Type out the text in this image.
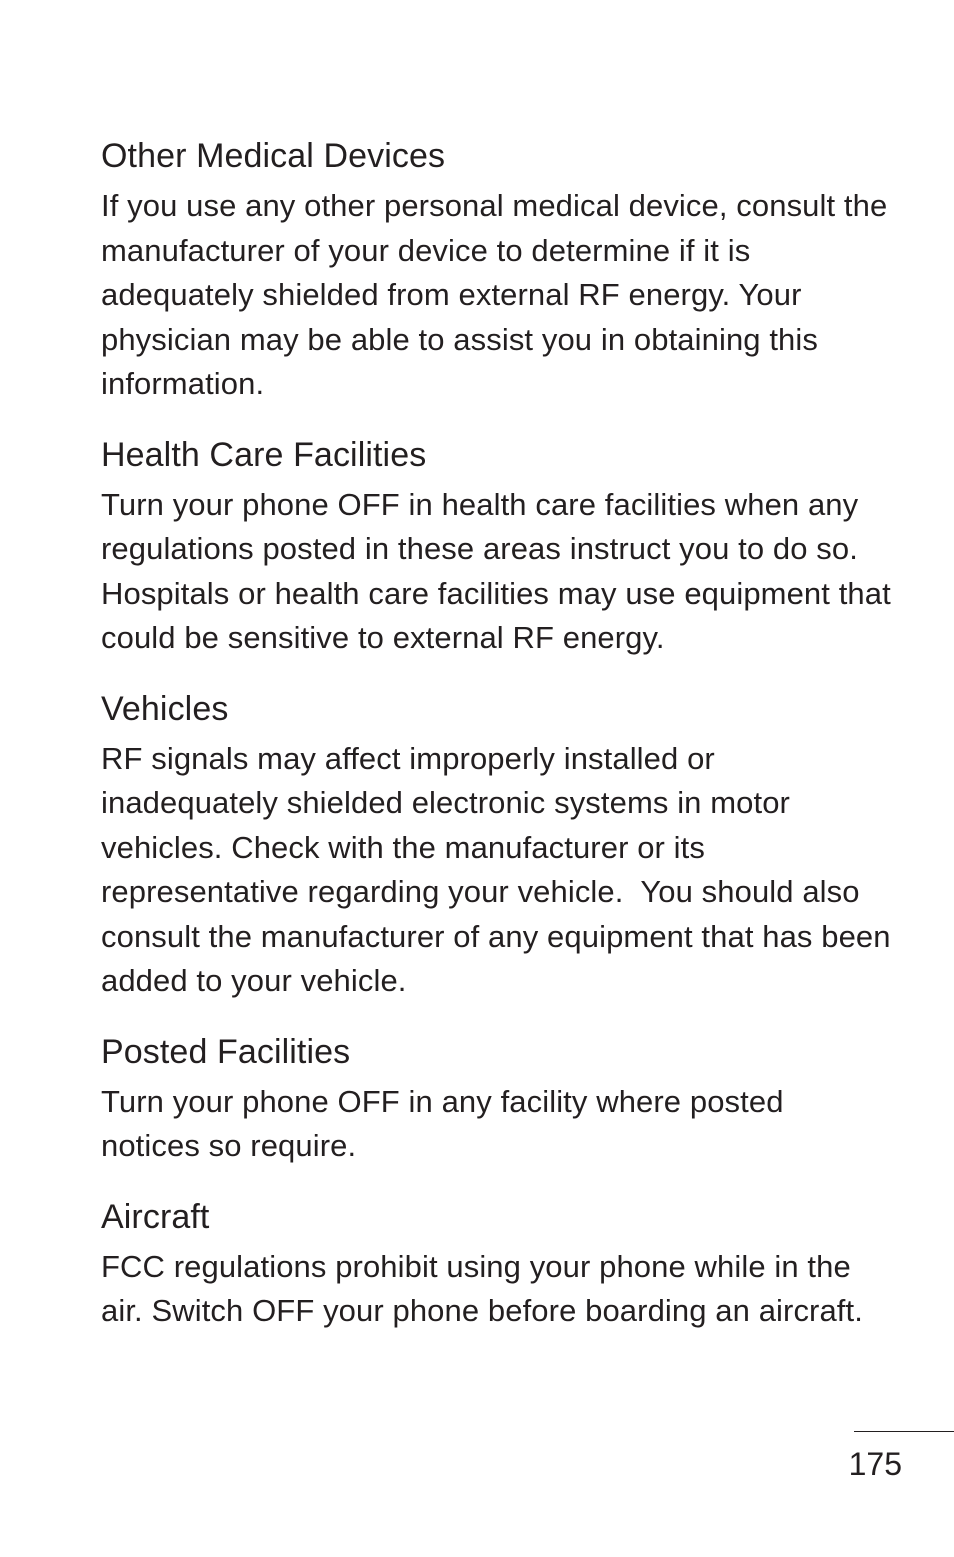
Other Medical Devices

If you use any other personal medical device, consult the manufacturer of your device to determine if it is adequately shielded from external RF energy. Your physician may be able to assist you in obtaining this information.

Health Care Facilities

Turn your phone OFF in health care facilities when any regulations posted in these areas instruct you to do so. Hospitals or health care facilities may use equipment that could be sensitive to external RF energy.

Vehicles

RF signals may affect improperly installed or inadequately shielded electronic systems in motor vehicles. Check with the manufacturer or its representative regarding your vehicle.  You should also consult the manufacturer of any equipment that has been added to your vehicle.

Posted Facilities

Turn your phone OFF in any facility where posted notices so require.

Aircraft

FCC regulations prohibit using your phone while in the air. Switch OFF your phone before boarding an aircraft.

175
